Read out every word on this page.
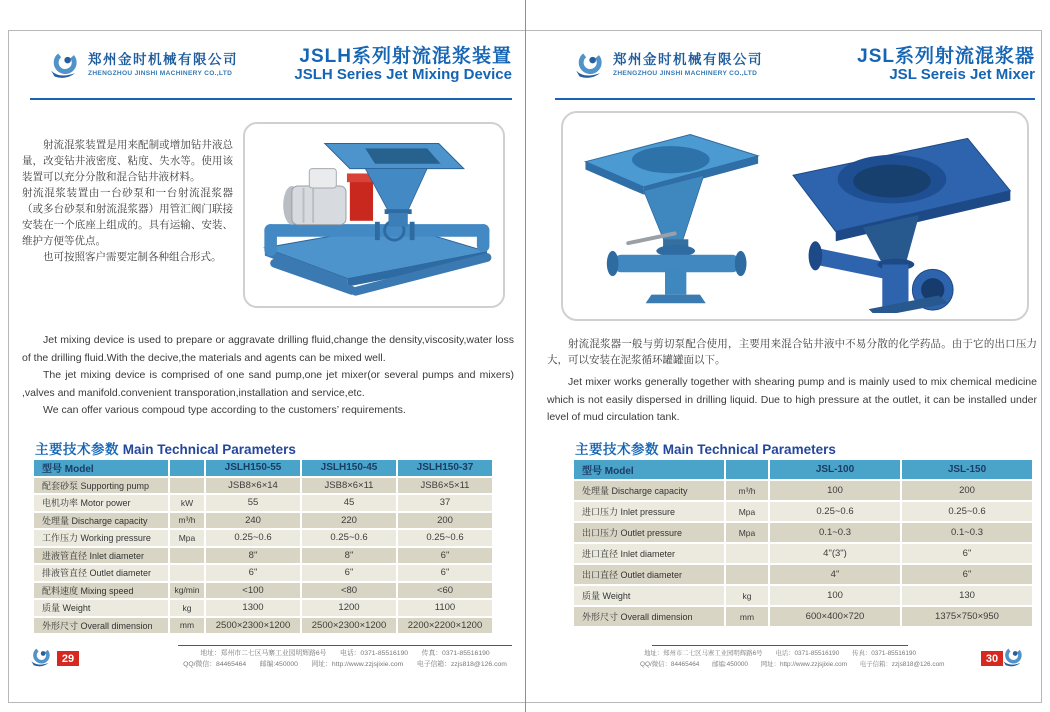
郑州金时机械有限公司
ZHENGZHOU JINSHI MACHINERY CO.,LTD
JSLH系列射流混浆装置
JSLH Series Jet Mixing Device

射流混浆装置是用来配制或增加钻井液总量，改变钻井液密度、粘度、失水等。使用该装置可以充分分散和混合钻井液材料。

射流混浆装置由一台砂泵和一台射流混浆器（或多台砂泵和射流混浆器）用管汇阀门联接安装在一个底座上组成的。具有运输、安装、维护方便等优点。

也可按照客户需要定制各种组合形式。

Jet mixing device is used to prepare or aggravate drilling fluid,change the density,viscosity,water loss of the drilling fluid.With the decive,the materials and agents can be mixed well.

The jet mixing device is comprised of one sand pump,one jet mixer(or several pumps and mixers) ,valves and manifold.convenient transporation,installation and service,etc.

We can offer various compoud type according to the customers’ requirements.

主要技术参数 Main Technical Parameters
型号 Model		JSLH150-55	JSLH150-45	JSLH150-37
配套砂泵 Supporting pump		JSB8×6×14	JSB8×6×11	JSB6×5×11
电机功率 Motor power	kW	55	45	37
处理量 Discharge capacity	m³/h	240	220	200
工作压力 Working pressure	Mpa	0.25~0.6	0.25~0.6	0.25~0.6
进液管直径 Inlet diameter		8"	8"	6"
排液管直径 Outlet diameter		6"	6"	6"
配料速度 Mixing speed	kg/min	<100	<80	<60
质量 Weight	kg	1300	1200	1100
外形尺寸 Overall dimension	mm	2500×2300×1200	2500×2300×1200	2200×2200×1200
29	地址：郑州市二七区马寨工业园明辉路6号　　电话：0371-85516190　　传真：0371-85516190
QQ/微信：84465464　　邮编:450000　　网址：http://www.zzjsjixie.com　　电子信箱：zzjs818@126.com
郑州金时机械有限公司
ZHENGZHOU JINSHI MACHINERY CO.,LTD
JSL系列射流混浆器
JSL Sereis Jet Mixer

射流混浆器一般与剪切泵配合使用，主要用来混合钻井液中不易分散的化学药品。由于它的出口压力大，可以安装在泥浆循环罐罐面以下。

Jet mixer works generally together with shearing pump and is mainly used to mix chemical medicine which is not easily dispersed in drilling liquid. Due to high pressure at the outlet, it can be installed under level of mud circulation tank.

主要技术参数 Main Technical Parameters
型号 Model		JSL-100	JSL-150
处理量 Discharge capacity	m³/h	100	200
进口压力 Inlet pressure	Mpa	0.25~0.6	0.25~0.6
出口压力 Outlet pressure	Mpa	0.1~0.3	0.1~0.3
进口直径 Inlet diameter		4"(3")	6"
出口直径 Outlet diameter		4"	6"
质量 Weight	kg	100	130
外形尺寸 Overall dimension	mm	600×400×720	1375×750×950
地址：郑州市二七区马寨工业园明辉路6号　　电话：0371-85516190　　传真：0371-85516190
QQ/微信：84465464　　邮编:450000　　网址：http://www.zzjsjixie.com　　电子信箱：zzjs818@126.com	30
